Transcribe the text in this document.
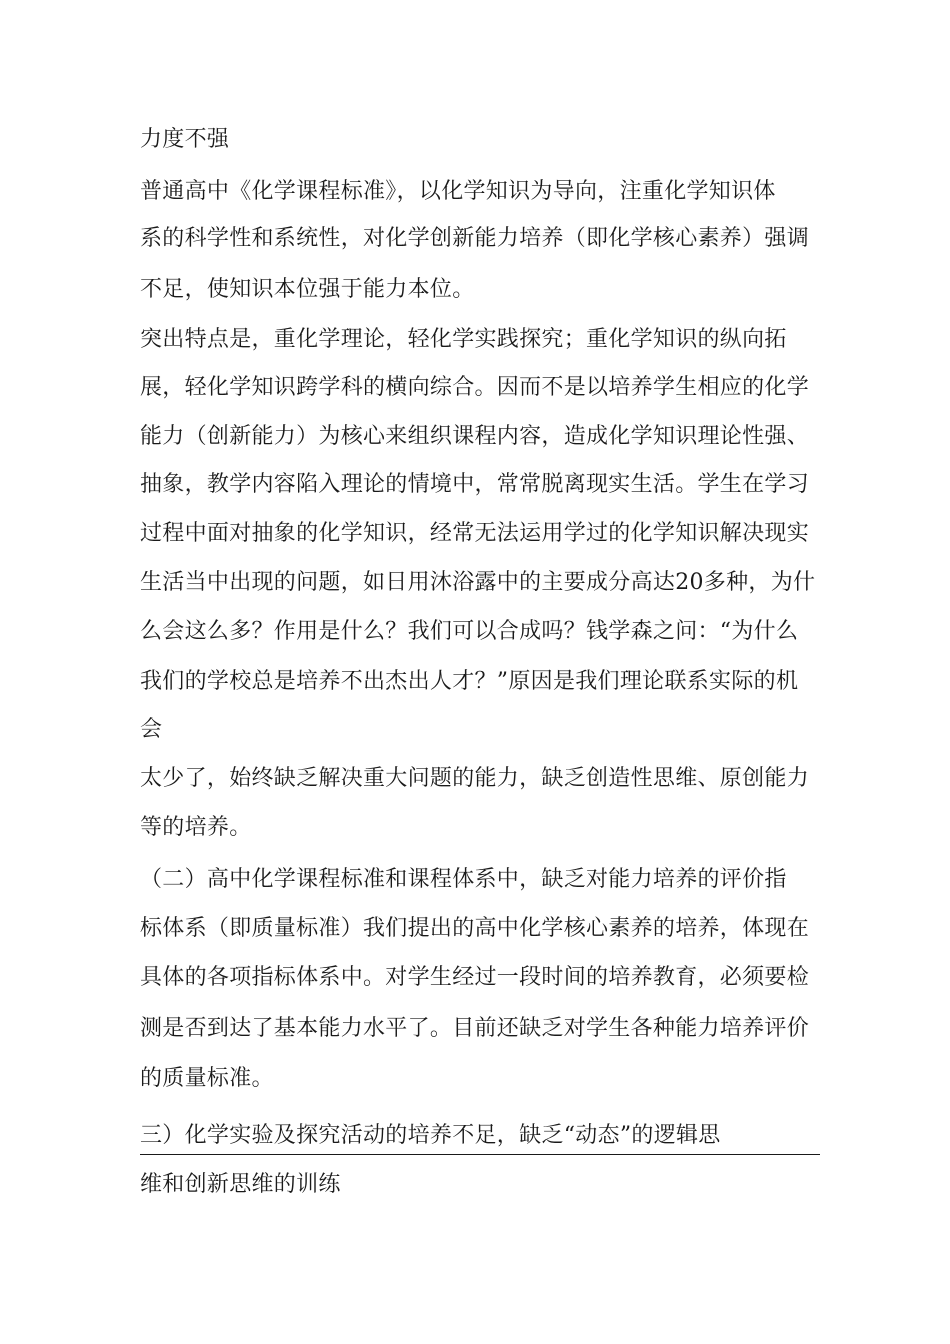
力度不强
普通高中《化学课程标准》，以化学知识为导向，注重化学知识体
系的科学性和系统性，对化学创新能力培养（即化学核心素养）强调
不足，使知识本位强于能力本位。
突出特点是，重化学理论，轻化学实践探究；重化学知识的纵向拓
展，轻化学知识跨学科的横向综合。因而不是以培养学生相应的化学
能力（创新能力）为核心来组织课程内容，造成化学知识理论性强、
抽象，教学内容陷入理论的情境中，常常脱离现实生活。学生在学习
过程中面对抽象的化学知识，经常无法运用学过的化学知识解决现实
生活当中出现的问题，如日用沐浴露中的主要成分高达20多种，为什
么会这么多？作用是什么？我们可以合成吗？钱学森之问：“为什么
我们的学校总是培养不出杰出人才？”原因是我们理论联系实际的机
会
太少了，始终缺乏解决重大问题的能力，缺乏创造性思维、原创能力
等的培养。
（二）高中化学课程标准和课程体系中，缺乏对能力培养的评价指
标体系（即质量标准）我们提出的高中化学核心素养的培养，体现在
具体的各项指标体系中。对学生经过一段时间的培养教育，必须要检
测是否到达了基本能力水平了。目前还缺乏对学生各种能力培养评价
的质量标准。
三）化学实验及探究活动的培养不足，缺乏“动态”的逻辑思
维和创新思维的训练
